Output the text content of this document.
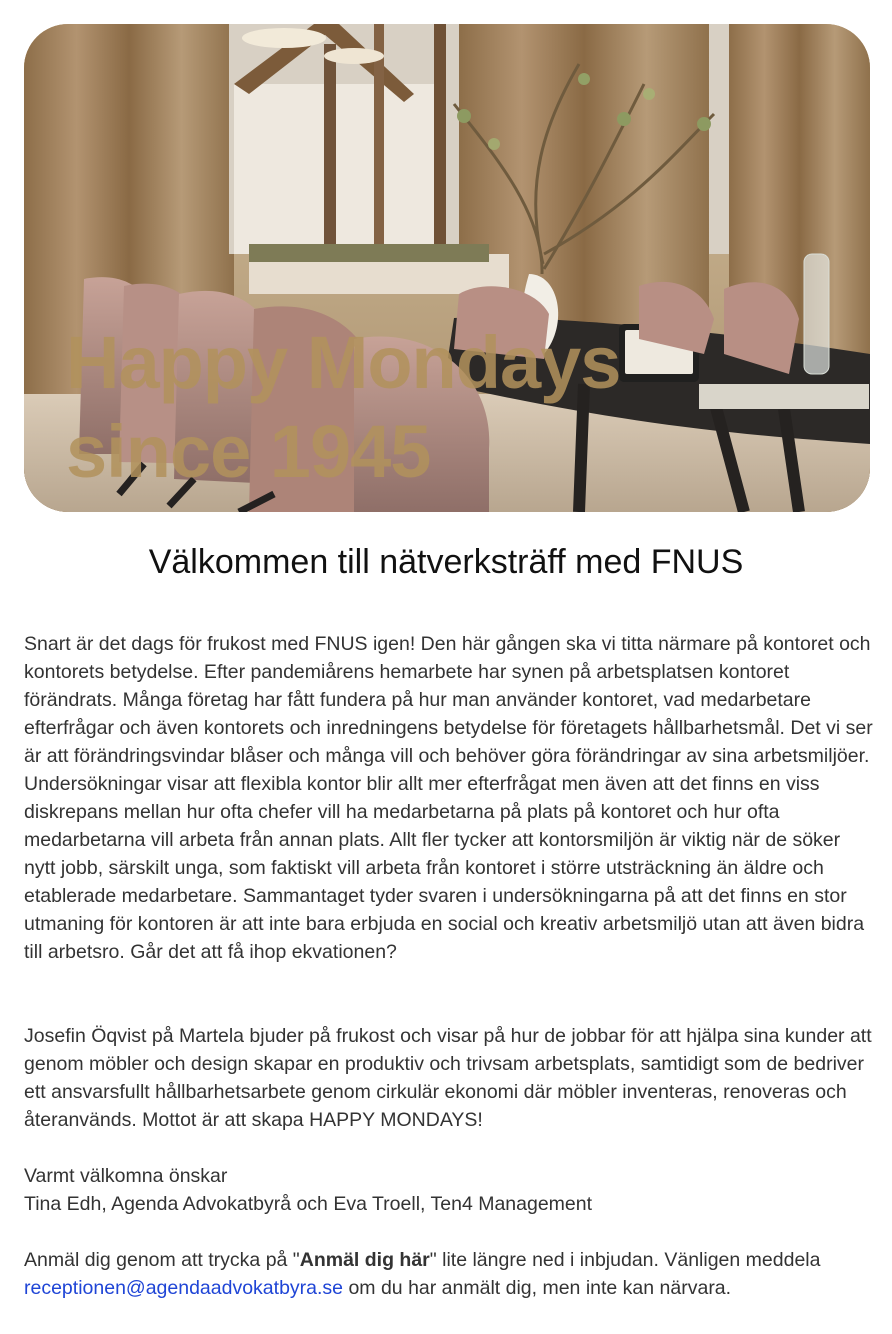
Happy Mondays
since 1945
Välkommen till nätverksträff med FNUS

Snart är det dags för frukost med FNUS igen! Den här gången ska vi titta närmare på kontoret och kontorets betydelse. Efter pandemiårens hemarbete har synen på arbetsplatsen kontoret förändrats. Många företag har fått fundera på hur man använder kontoret, vad medarbetare efterfrågar och även kontorets och inredningens betydelse för företagets hållbarhetsmål. Det vi ser är att förändringsvindar blåser och många vill och behöver göra förändringar av sina arbetsmiljöer. Undersökningar visar att flexibla kontor blir allt mer efterfrågat men även att det finns en viss diskrepans mellan hur ofta chefer vill ha medarbetarna på plats på kontoret och hur ofta medarbetarna vill arbeta från annan plats. Allt fler tycker att kontorsmiljön är viktig när de söker nytt jobb, särskilt unga, som faktiskt vill arbeta från kontoret i större utsträckning än äldre och etablerade medarbetare. Sammantaget tyder svaren i undersökningarna på att det finns en stor utmaning för kontoren är att inte bara erbjuda en social och kreativ arbetsmiljö utan att även bidra till arbetsro. Går det att få ihop ekvationen?

Josefin Öqvist på Martela bjuder på frukost och visar på hur de jobbar för att hjälpa sina kunder att genom möbler och design skapar en produktiv och trivsam arbetsplats, samtidigt som de bedriver ett ansvarsfullt hållbarhetsarbete genom cirkulär ekonomi där möbler inventeras, renoveras och återanvänds. Mottot är att skapa HAPPY MONDAYS!

Varmt välkomna önskar
Tina Edh, Agenda Advokatbyrå och Eva Troell, Ten4 Management

Anmäl dig genom att trycka på "Anmäl dig här" lite längre ned i inbjudan. Vänligen meddela receptionen@agendaadvokatbyra.se om du har anmält dig, men inte kan närvara.
